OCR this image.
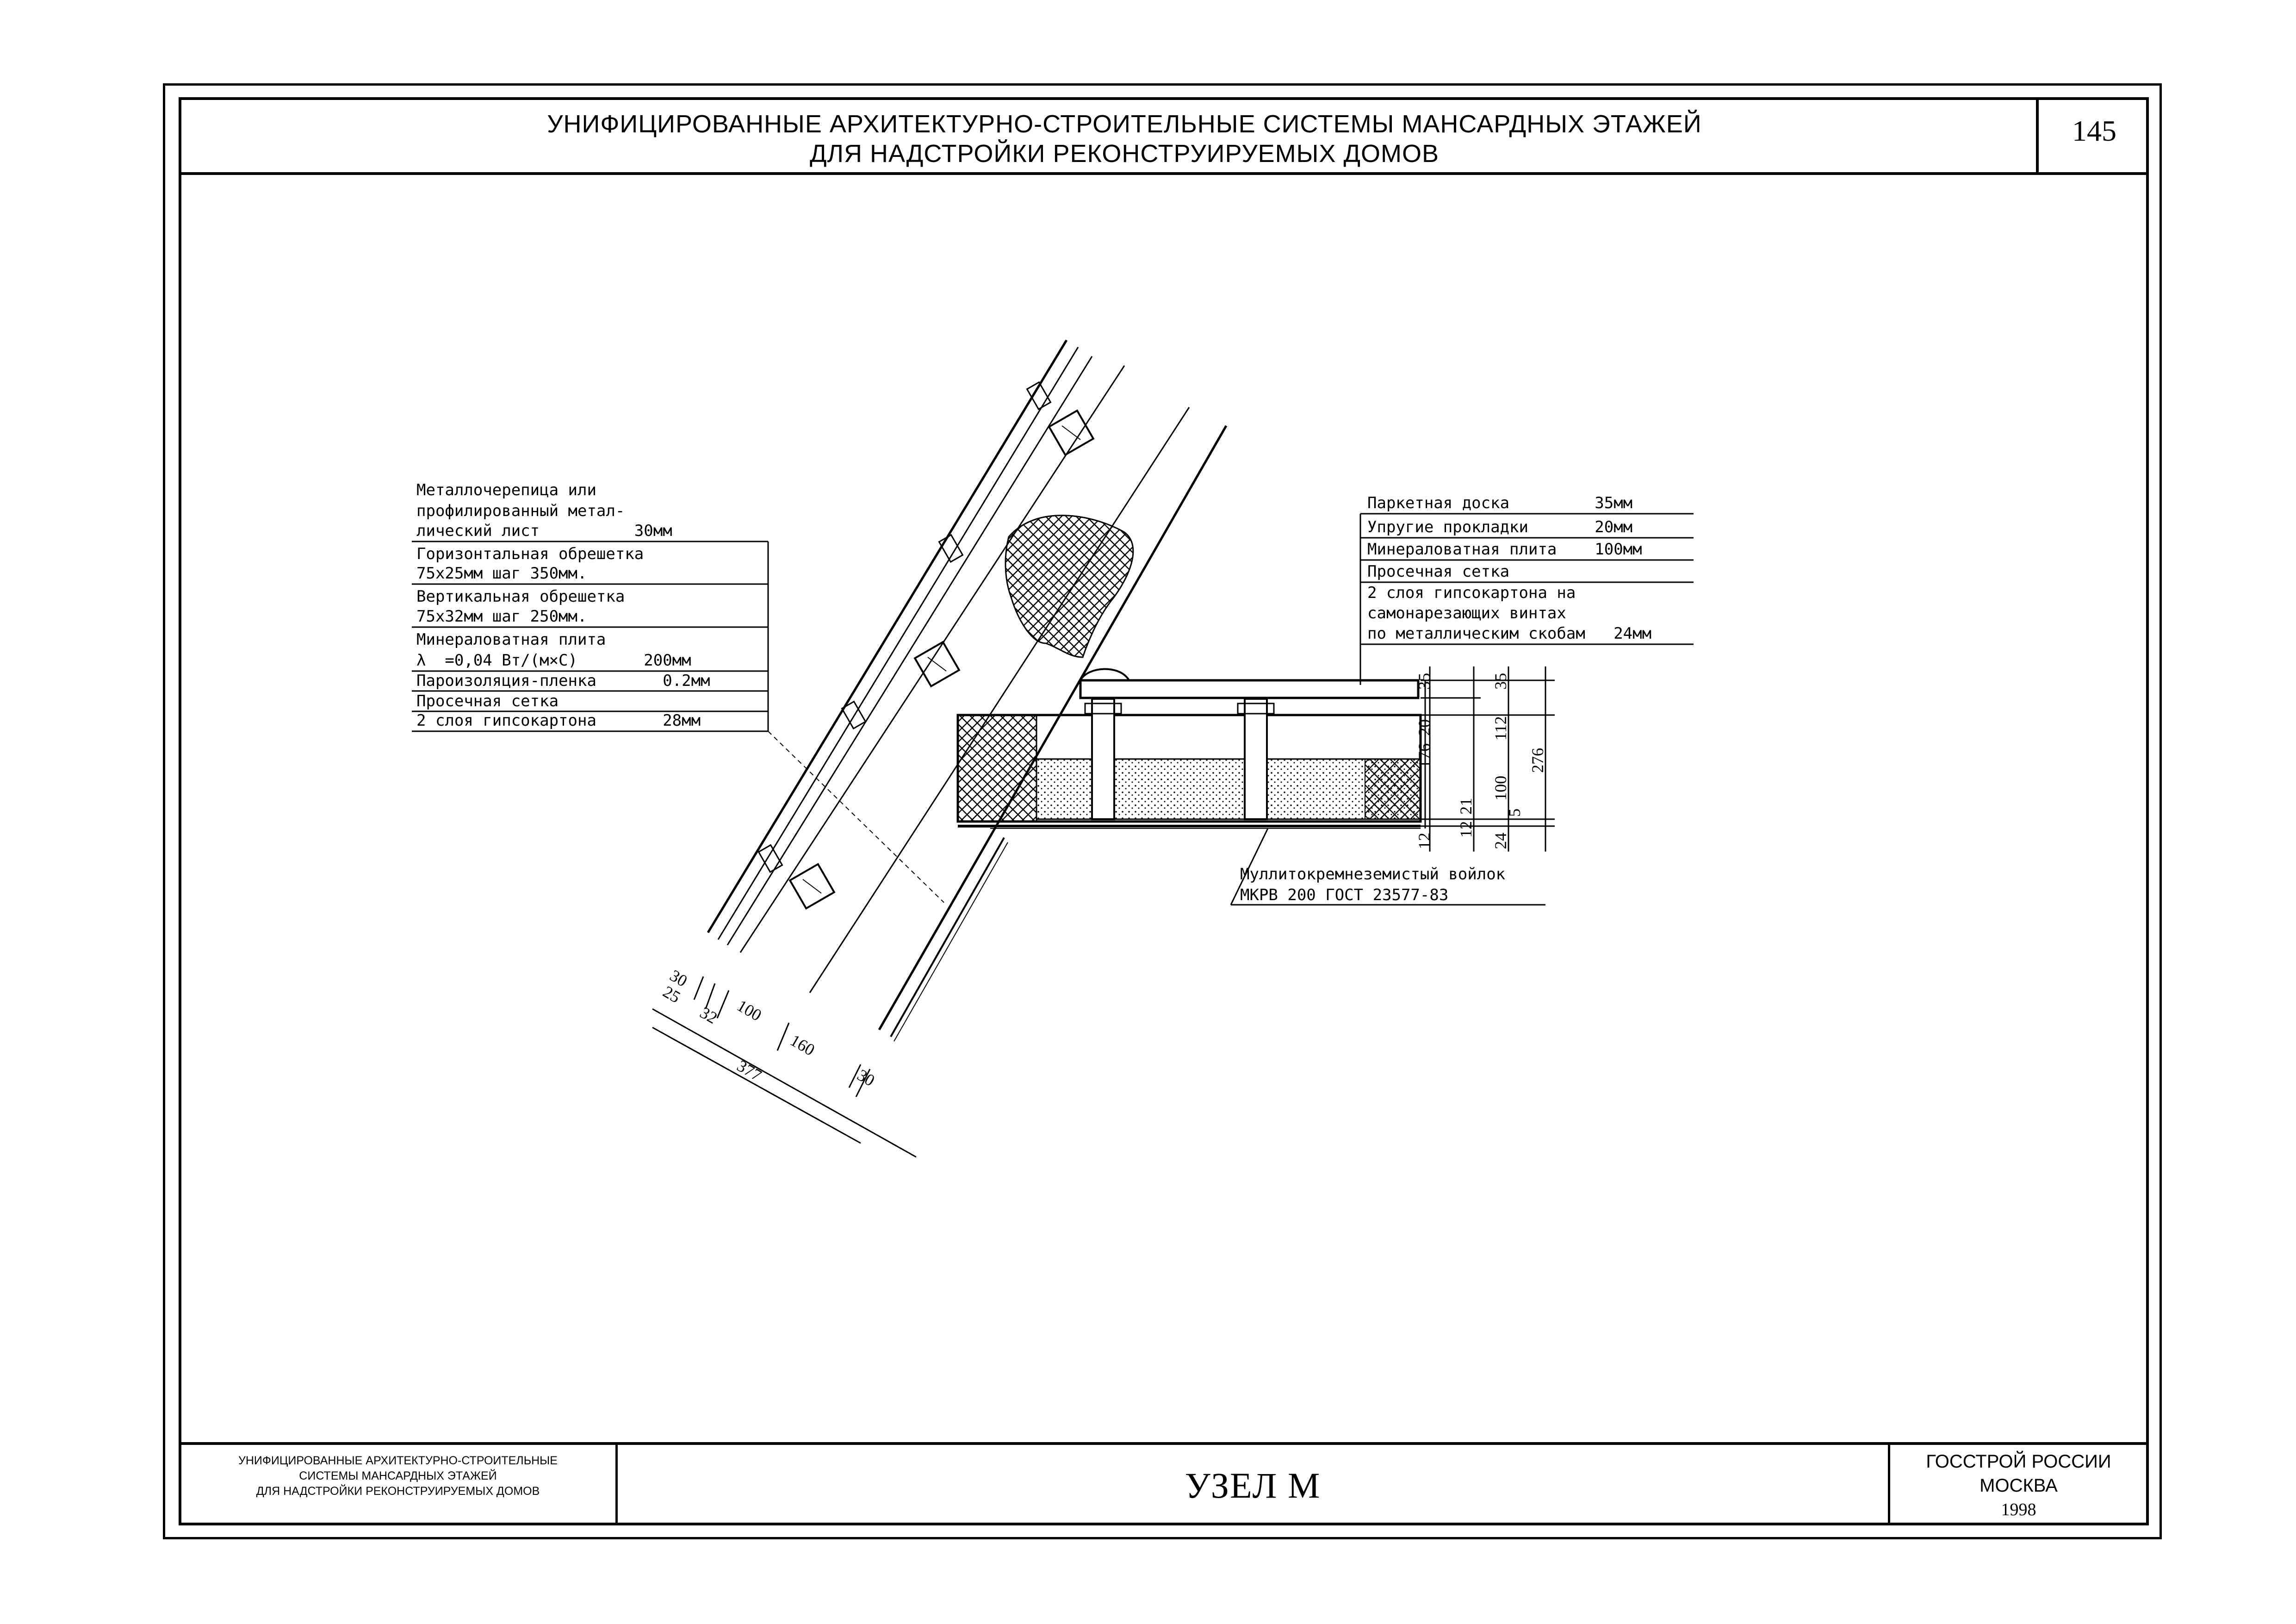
УНИФИЦИРОВАННЫЕ АРХИТЕКТУРНО-СТРОИТЕЛЬНЫЕ СИСТЕМЫ МАНСАРДНЫХ ЭТАЖЕЙ
ДЛЯ НАДСТРОЙКИ РЕКОНСТРУИРУЕМЫХ ДОМОВ
145
Металлочерепица или
профилированный метал-
лический лист          30мм
Горизонтальная обрешетка
75х25мм шаг 350мм.
Вертикальная обрешетка
75х32мм шаг 250мм.
Минераловатная плита
λ  =0,04 Вт/(м×С)       200мм
Пароизоляция-пленка       0.2мм
Просечная сетка
2 слоя гипсокартона       28мм
Паркетная доска         35мм
Упругие прокладки       20мм
Минераловатная плита    100мм
Просечная сетка
2 слоя гипсокартона на
самонарезающих винтах
по металлическим скобам   24мм
Муллитокремнеземистый войлок
МКРВ 200 ГОСТ 23577-83
35
20
176
21
12
12
35
112
100
5
24
276
30
25
32 100
160
377	30
УНИФИЦИРОВАННЫЕ АРХИТЕКТУРНО-СТРОИТЕЛЬНЫЕ
СИСТЕМЫ МАНСАРДНЫХ ЭТАЖЕЙ
ДЛЯ НАДСТРОЙКИ РЕКОНСТРУИРУЕМЫХ ДОМОВ	УЗЕЛ М
ГОССТРОЙ РОССИИ
МОСКВА
1998
